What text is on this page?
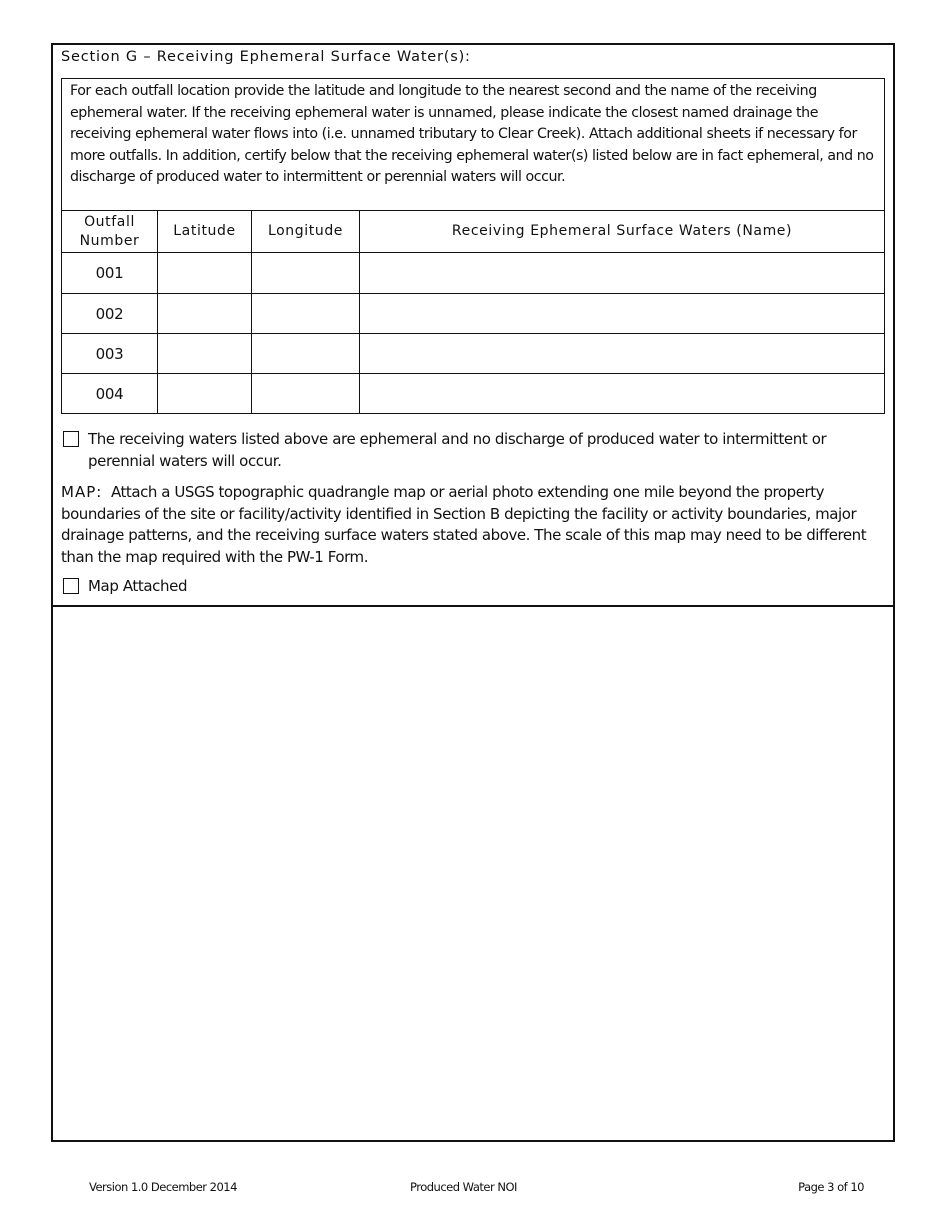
Section G – Receiving Ephemeral Surface Water(s):
For each outfall location provide the latitude and longitude to the nearest second and the name of the receiving ephemeral water. If the receiving ephemeral water is unnamed, please indicate the closest named drainage the receiving ephemeral water flows into (i.e. unnamed tributary to Clear Creek). Attach additional sheets if necessary for more outfalls. In addition, certify below that the receiving ephemeral water(s) listed below are in fact ephemeral, and no discharge of produced water to intermittent or perennial waters will occur.
Outfall Number	Latitude	Longitude	Receiving Ephemeral Surface Waters (Name)
001			
002			
003			
004			
The receiving waters listed above are ephemeral and no discharge of produced water to intermittent or perennial waters will occur.
MAP: Attach a USGS topographic quadrangle map or aerial photo extending one mile beyond the property boundaries of the site or facility/activity identified in Section B depicting the facility or activity boundaries, major drainage patterns, and the receiving surface waters stated above. The scale of this map may need to be different than the map required with the PW-1 Form.
Map Attached
Version 1.0 December 2014	Produced Water NOI	Page 3 of 10
